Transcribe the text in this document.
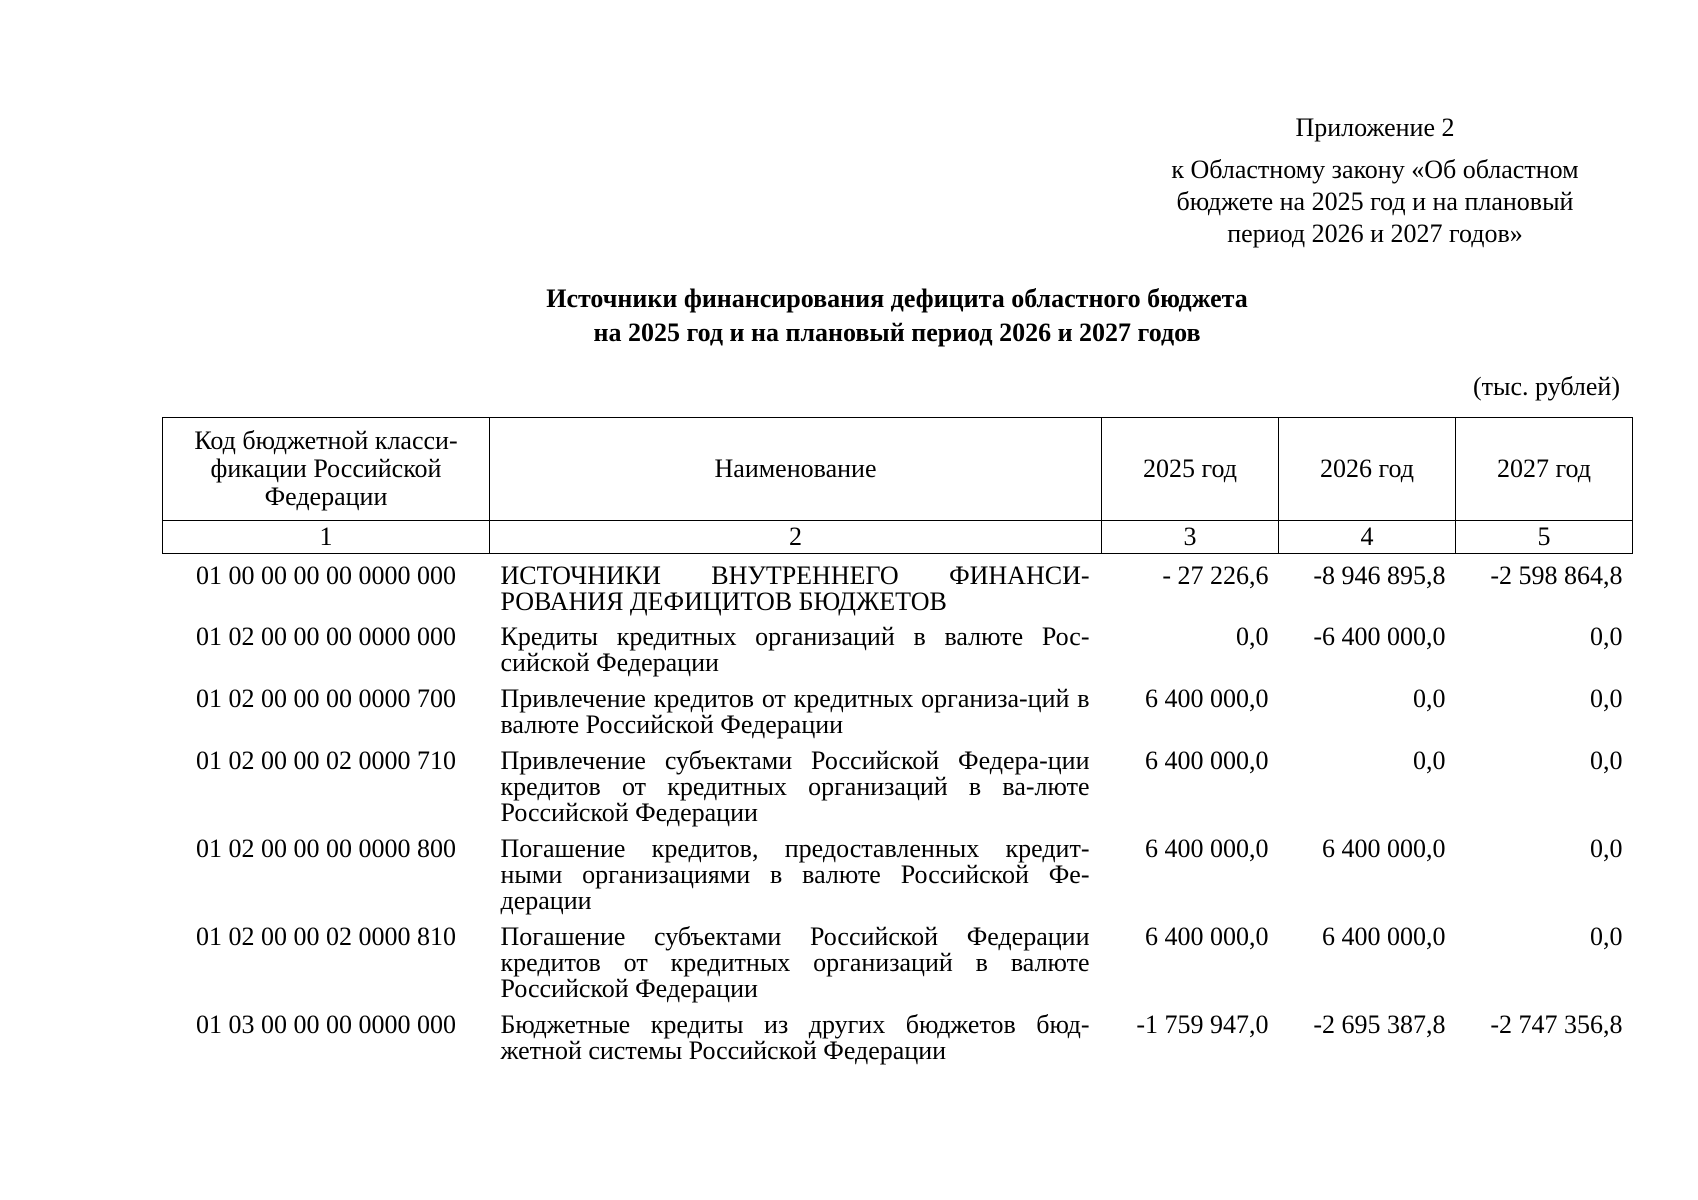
Приложение 2
к Областному закону «Об областном
бюджете на 2025 год и на плановый
период 2026 и 2027 годов»
Источники финансирования дефицита областного бюджета
на 2025 год и на плановый период 2026 и 2027 годов
(тыс. рублей)
Код бюджетной класси-
фикации Российской
Федерации	Наименование	2025 год	2026 год	2027 год
1	2	3	4	5
01 00 00 00 00 0000 000	ИСТОЧНИКИ ВНУТРЕННЕГО ФИНАНСИ-РОВАНИЯ ДЕФИЦИТОВ БЮДЖЕТОВ	- 27 226,6	-8 946 895,8	-2 598 864,8
01 02 00 00 00 0000 000	Кредиты кредитных организаций в валюте Рос-сийской Федерации	0,0	-6 400 000,0	0,0
01 02 00 00 00 0000 700	Привлечение кредитов от кредитных организа-ций в валюте Российской Федерации	6 400 000,0	0,0	0,0
01 02 00 00 02 0000 710	Привлечение субъектами Российской Федера-ции кредитов от кредитных организаций в ва-люте Российской Федерации	6 400 000,0	0,0	0,0
01 02 00 00 00 0000 800	Погашение кредитов, предоставленных кредит-ными организациями в валюте Российской Фе-дерации	6 400 000,0	6 400 000,0	0,0
01 02 00 00 02 0000 810	Погашение субъектами Российской Федерации кредитов от кредитных организаций в валюте Российской Федерации	6 400 000,0	6 400 000,0	0,0
01 03 00 00 00 0000 000	Бюджетные кредиты из других бюджетов бюд-жетной системы Российской Федерации	-1 759 947,0	-2 695 387,8	-2 747 356,8
